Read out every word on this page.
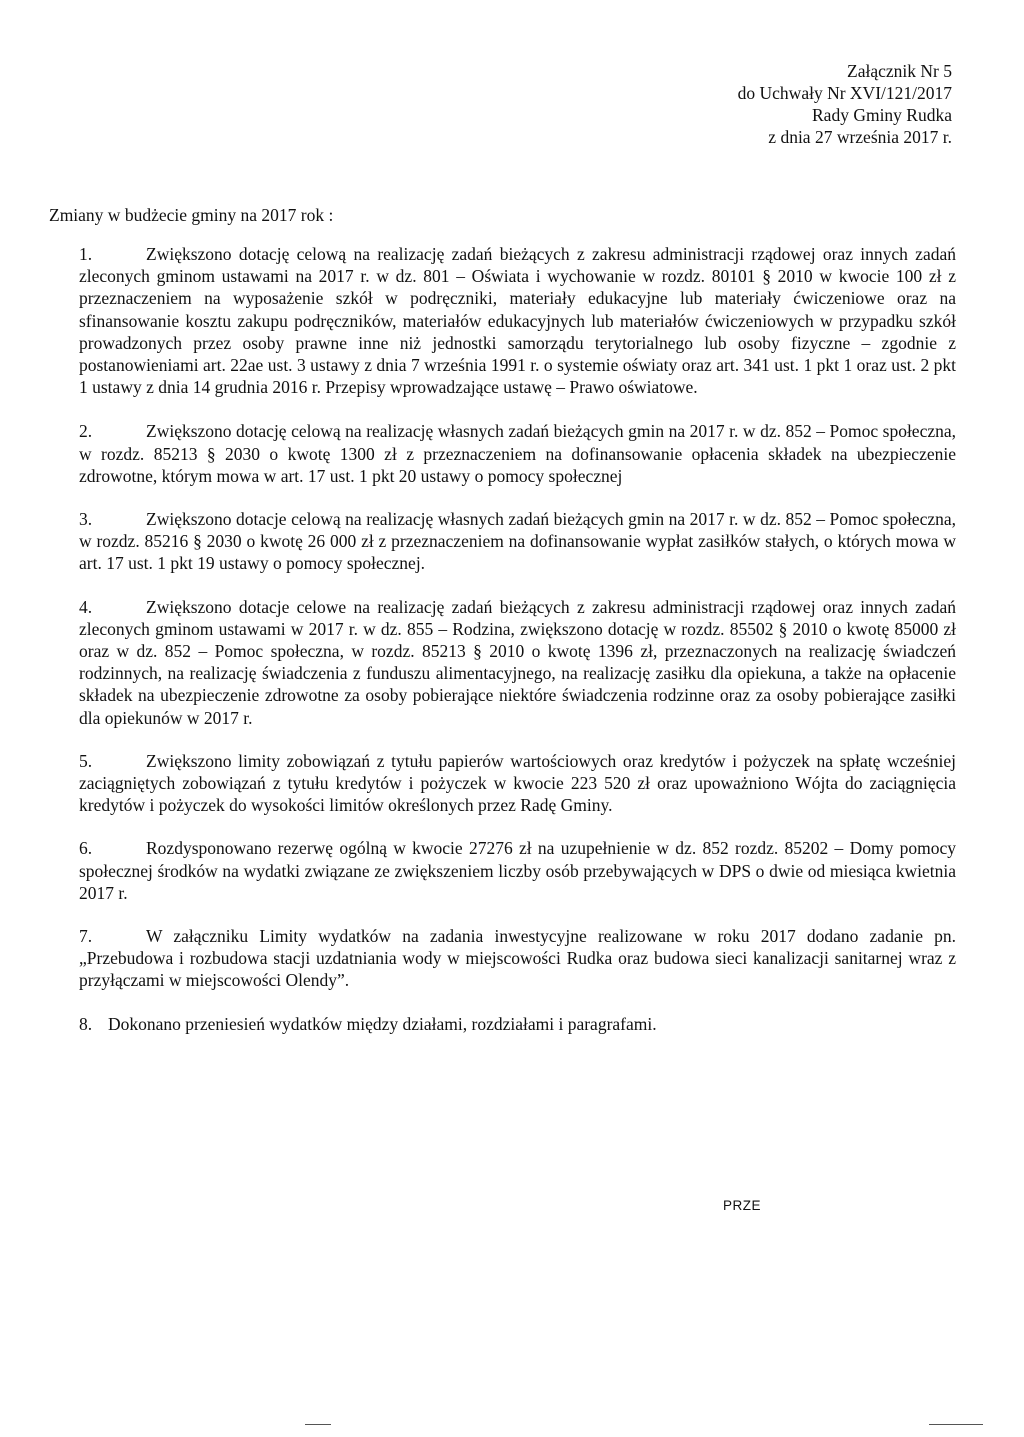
Załącznik Nr 5
do Uchwały Nr XVI/121/2017
Rady Gminy Rudka
z dnia 27 września 2017 r.
Zmiany w budżecie gminy na 2017 rok :
1.	Zwiększono dotację celową na realizację zadań bieżących z zakresu administracji rządowej oraz innych zadań zleconych gminom ustawami na 2017 r. w dz. 801 – Oświata i wychowanie w rozdz. 80101 § 2010 w kwocie 100 zł z przeznaczeniem na wyposażenie szkół w podręczniki, materiały edukacyjne lub materiały ćwiczeniowe oraz na sfinansowanie kosztu zakupu podręczników, materiałów edukacyjnych lub materiałów ćwiczeniowych w przypadku szkół prowadzonych przez osoby prawne inne niż jednostki samorządu terytorialnego lub osoby fizyczne – zgodnie z postanowieniami art. 22ae ust. 3 ustawy z dnia 7 września 1991 r. o systemie oświaty oraz art. 341 ust. 1 pkt 1 oraz ust. 2 pkt 1 ustawy z dnia 14 grudnia 2016 r. Przepisy wprowadzające ustawę – Prawo oświatowe.
2.	Zwiększono dotację celową na realizację własnych zadań bieżących gmin na 2017 r. w dz. 852 – Pomoc społeczna, w rozdz. 85213 § 2030 o kwotę 1300 zł z przeznaczeniem na dofinansowanie opłacenia składek na ubezpieczenie zdrowotne, którym mowa w art. 17 ust. 1 pkt 20 ustawy o pomocy społecznej
3.	Zwiększono dotacje celową na realizację własnych zadań bieżących gmin na 2017 r. w dz. 852 – Pomoc społeczna, w rozdz. 85216 § 2030 o kwotę 26 000 zł z przeznaczeniem na dofinansowanie wypłat zasiłków stałych, o których mowa w art. 17 ust. 1 pkt 19 ustawy o pomocy społecznej.
4.	Zwiększono dotacje celowe na realizację zadań bieżących z zakresu administracji rządowej oraz innych zadań zleconych gminom ustawami w 2017 r. w dz. 855 – Rodzina, zwiększono dotację w rozdz. 85502 § 2010 o kwotę 85000 zł oraz w dz. 852 – Pomoc społeczna, w rozdz. 85213 § 2010 o kwotę 1396 zł, przeznaczonych na realizację świadczeń rodzinnych, na realizację świadczenia z funduszu alimentacyjnego, na realizację zasiłku dla opiekuna, a także na opłacenie składek na ubezpieczenie zdrowotne za osoby pobierające niektóre świadczenia rodzinne oraz za osoby pobierające zasiłki dla opiekunów w 2017 r.
5.	Zwiększono limity zobowiązań z tytułu papierów wartościowych oraz kredytów i pożyczek na spłatę wcześniej zaciągniętych zobowiązań z tytułu kredytów i pożyczek w kwocie 223 520 zł oraz upoważniono Wójta do zaciągnięcia kredytów i pożyczek do wysokości limitów określonych przez Radę Gminy.
6.	Rozdysponowano rezerwę ogólną w kwocie 27276 zł na uzupełnienie w dz. 852 rozdz. 85202 – Domy pomocy społecznej środków na wydatki związane ze zwiększeniem liczby osób przebywających w DPS o dwie od miesiąca kwietnia 2017 r.
7.	W załączniku Limity wydatków na zadania inwestycyjne realizowane w roku 2017 dodano zadanie pn. „Przebudowa i rozbudowa stacji uzdatniania wody w miejscowości Rudka oraz budowa sieci kanalizacji sanitarnej wraz z przyłączami w miejscowości Olendy”.
8. Dokonano przeniesień wydatków między działami, rozdziałami i paragrafami.
PRZE
